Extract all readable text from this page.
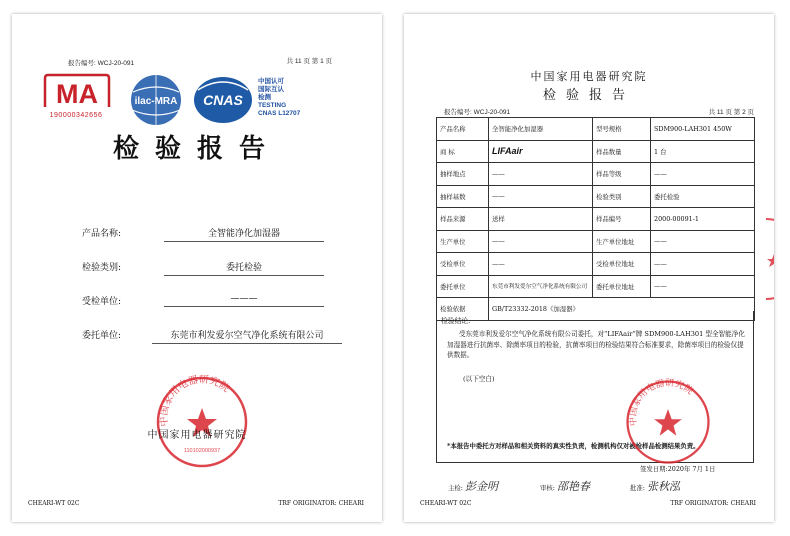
报告编号: WCJ-20-091	共 11 页 第 1 页
MA
190000342656
ilac-MRA CNAS
中国认可
国际互认
检测
TESTING
CNAS L12707
检验报告
产品名称:	全智能净化加湿器
检验类别:	委托检验
受检单位:	———
委托单位:	东莞市利发爱尔空气净化系统有限公司
中国家用电器研究院
110102000937
中国家用电器研究院
CHEARI-WT 02C	TRF ORIGINATOR: CHEARI
中国家用电器研究院
检验报告
报告编号: WCJ-20-091	共 11 页 第 2 页
产品名称	全智能净化加湿器	型号规格	SDM900-LAH301 450W
商 标	LIFAair	样品数量	1 台
抽样地点	——	样品等级	——
抽样基数	——	检验类别	委托检验
样品来源	送样	样品编号	2000-00091-1
生产单位	——	生产单位地址	——
受检单位	——	受检单位地址	——
委托单位	东莞市利发爱尔空气净化系统有限公司	委托单位地址	——
检验依据	GB/T23332-2018《加湿器》		
检验结论:
受东莞市利发爱尔空气净化系统有限公司委托，对“LIFAair”牌 SDM900-LAH301 型全智能净化加湿器进行抗菌率、除菌率项目的检验，抗菌率项目的检验结果符合标准要求，除菌率项目的检验仅提供数据。
(以下空白)
*本报告中委托方对样品和相关资料的真实性负责，检测机构仅对被检样品检测结果负责。
中国家用电器研究院
签发日期:2020年 7月 1日
主检: 彭金明	审核: 邵艳春	批准: 张秋泓
CHEARI-WT 02C	TRF ORIGINATOR: CHEARI
